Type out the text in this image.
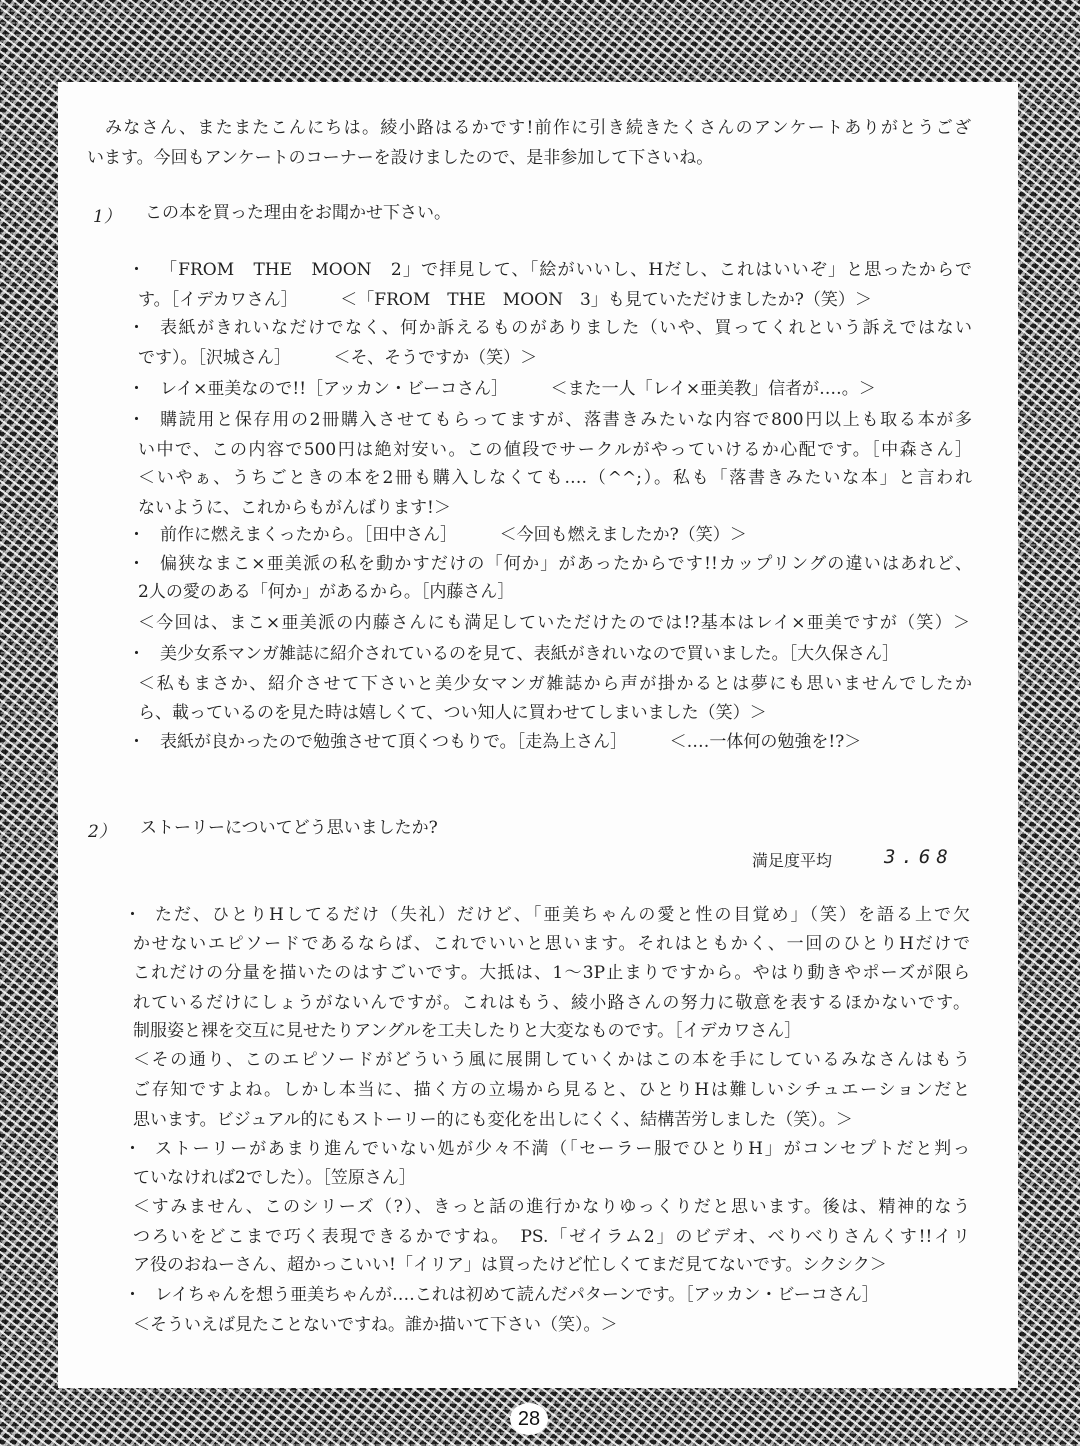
みなさん、またまたこんにちは。綾小路はるかです!前作に引き続きたくさんのアンケートありがとうござ
います。今回もアンケートのコーナーを設けましたので、是非参加して下さいね。
1） この本を買った理由をお聞かせ下さい。
・ 「FROM　THE　MOON　2」で拝見して、「絵がいいし、Hだし、これはいいぞ」と思ったからで
す。［イデカワさん］　　　＜「FROM　THE　MOON　3」も見ていただけましたか?（笑）＞
・ 表紙がきれいなだけでなく、何か訴えるものがありました（いや、買ってくれという訴えではない
です）。［沢城さん］　　　＜そ、そうですか（笑）＞
・ レイ×亜美なので!!［アッカン・ビーコさん］　　　＜また一人「レイ×亜美教」信者が‥‥。＞
・ 購読用と保存用の2冊購入させてもらってますが、落書きみたいな内容で800円以上も取る本が多
い中で、この内容で500円は絶対安い。この値段でサークルがやっていけるか心配です。［中森さん］
＜いやぁ、うちごときの本を2冊も購入しなくても‥‥（^^;）。私も「落書きみたいな本」と言われ
ないように、これからもがんばります!＞
・ 前作に燃えまくったから。［田中さん］　　　＜今回も燃えましたか?（笑）＞
・ 偏狭なまこ×亜美派の私を動かすだけの「何か」があったからです!!カップリングの違いはあれど、
2人の愛のある「何か」があるから。［内藤さん］
＜今回は、まこ×亜美派の内藤さんにも満足していただけたのでは!?基本はレイ×亜美ですが（笑）＞
・ 美少女系マンガ雑誌に紹介されているのを見て、表紙がきれいなので買いました。［大久保さん］
＜私もまさか、紹介させて下さいと美少女マンガ雑誌から声が掛かるとは夢にも思いませんでしたか
ら、載っているのを見た時は嬉しくて、つい知人に買わせてしまいました（笑）＞
・ 表紙が良かったので勉強させて頂くつもりで。［走為上さん］　　　＜‥‥一体何の勉強を!?＞
2） ストーリーについてどう思いましたか?
満足度平均	3.68
・ ただ、ひとりHしてるだけ（失礼）だけど、「亜美ちゃんの愛と性の目覚め」（笑）を語る上で欠
かせないエピソードであるならば、これでいいと思います。それはともかく、一回のひとりHだけで
これだけの分量を描いたのはすごいです。大抵は、1〜3P止まりですから。やはり動きやポーズが限ら
れているだけにしょうがないんですが。これはもう、綾小路さんの努力に敬意を表するほかないです。
制服姿と裸を交互に見せたりアングルを工夫したりと大変なものです。［イデカワさん］
＜その通り、このエピソードがどういう風に展開していくかはこの本を手にしているみなさんはもう
ご存知ですよね。しかし本当に、描く方の立場から見ると、ひとりHは難しいシチュエーションだと
思います。ビジュアル的にもストーリー的にも変化を出しにくく、結構苦労しました（笑）。＞
・ ストーリーがあまり進んでいない処が少々不満（「セーラー服でひとりH」がコンセプトだと判っ
ていなければ2でした）。［笠原さん］
＜すみません、このシリーズ（?）、きっと話の進行かなりゆっくりだと思います。後は、精神的なう
つろいをどこまで巧く表現できるかですね。　PS.「ゼイラム2」のビデオ、べりべりさんくす!!イリ
ア役のおねーさん、超かっこいい!「イリア」は買ったけど忙しくてまだ見てないです。シクシク＞
・ レイちゃんを想う亜美ちゃんが‥‥これは初めて読んだパターンです。［アッカン・ビーコさん］
＜そういえば見たことないですね。誰か描いて下さい（笑）。＞
28
